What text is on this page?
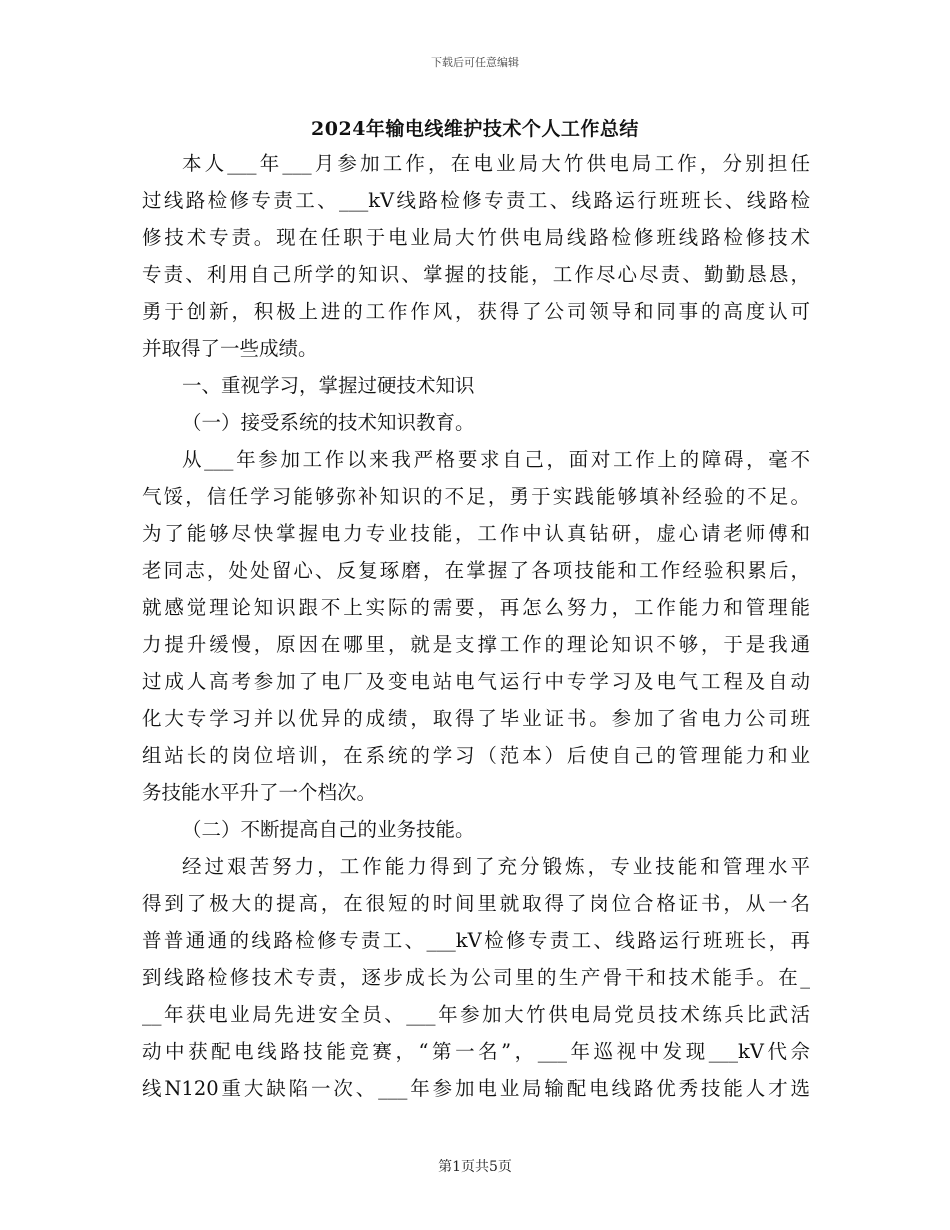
下载后可任意编辑
2024年输电线维护技术个人工作总结
本人___年___月参加工作，在电业局大竹供电局工作，分别担任
过线路检修专责工、___kV线路检修专责工、线路运行班班长、线路检
修技术专责。现在任职于电业局大竹供电局线路检修班线路检修技术
专责、利用自己所学的知识、掌握的技能，工作尽心尽责、勤勤恳恳，
勇于创新，积极上进的工作作风，获得了公司领导和同事的高度认可
并取得了一些成绩。
一、重视学习，掌握过硬技术知识
（一）接受系统的技术知识教育。
从___年参加工作以来我严格要求自己，面对工作上的障碍，毫不
气馁，信任学习能够弥补知识的不足，勇于实践能够填补经验的不足。
为了能够尽快掌握电力专业技能，工作中认真钻研，虚心请老师傅和
老同志，处处留心、反复琢磨，在掌握了各项技能和工作经验积累后，
就感觉理论知识跟不上实际的需要，再怎么努力，工作能力和管理能
力提升缓慢，原因在哪里，就是支撑工作的理论知识不够，于是我通
过成人高考参加了电厂及变电站电气运行中专学习及电气工程及自动
化大专学习并以优异的成绩，取得了毕业证书。参加了省电力公司班
组站长的岗位培训，在系统的学习（范本）后使自己的管理能力和业
务技能水平升了一个档次。
（二）不断提高自己的业务技能。
经过艰苦努力，工作能力得到了充分锻炼，专业技能和管理水平
得到了极大的提高，在很短的时间里就取得了岗位合格证书，从一名
普普通通的线路检修专责工、___kV检修专责工、线路运行班班长，再
到线路检修技术专责，逐步成长为公司里的生产骨干和技术能手。在_
__年获电业局先进安全员、___年参加大竹供电局党员技术练兵比武活
动中获配电线路技能竞赛，“第一名”，___年巡视中发现___kV代佘
线N120重大缺陷一次、___年参加电业局输配电线路优秀技能人才选
第1页共5页
